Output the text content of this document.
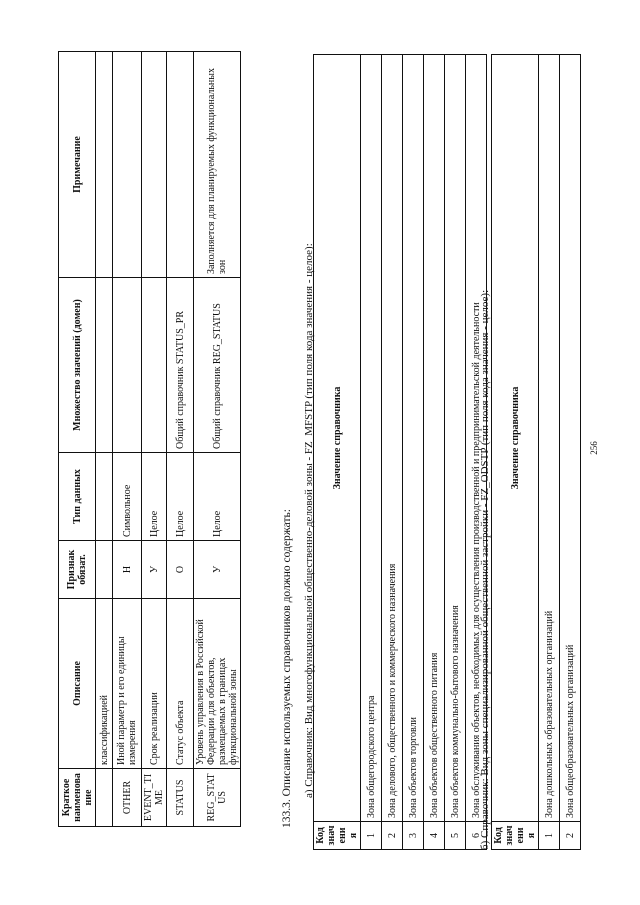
256
Краткое наименование	Описание	Признак обязат.	Тип данных	Множество значений (домен)	Примечание
	классификацией				
OTHER	Иной параметр и его единицы измерения	Н	Символьное		
EVENT_TIME	Срок реализации	У	Целое		
STATUS	Статус объекта	О	Целое	Общий справочник STATUS_PR	
REG_STATUS	Уровень управления в Российской Федерации для объектов, размещаемых в границах функциональной зоны	У	Целое	Общий справочник REG_STATUS	Заполняется для планируемых функциональных зон
133.3. Описание используемых справочников должно содержать: а) Справочник: Вид многофункциональной общественно-деловой зоны - FZ_MFSTP (тип поля кода значения - целое):
Код значения	Значение справочника
1	Зона общегородского центра
2	Зона делового, общественного и коммерческого назначения
3	Зона объектов торговли
4	Зона объектов общественного питания
5	Зона объектов коммунально-бытового назначения
6	Зона обслуживания объектов, необходимых для осуществления производственной и предпринимательской деятельности
б) Справочник: Вид зоны специализированной общественной застройки - FZ_ODSTP (тип поля кода значения - целое): Код значения	Значение справочника
1	Зона дошкольных образовательных организаций
2	Зона общеобразовательных организаций
